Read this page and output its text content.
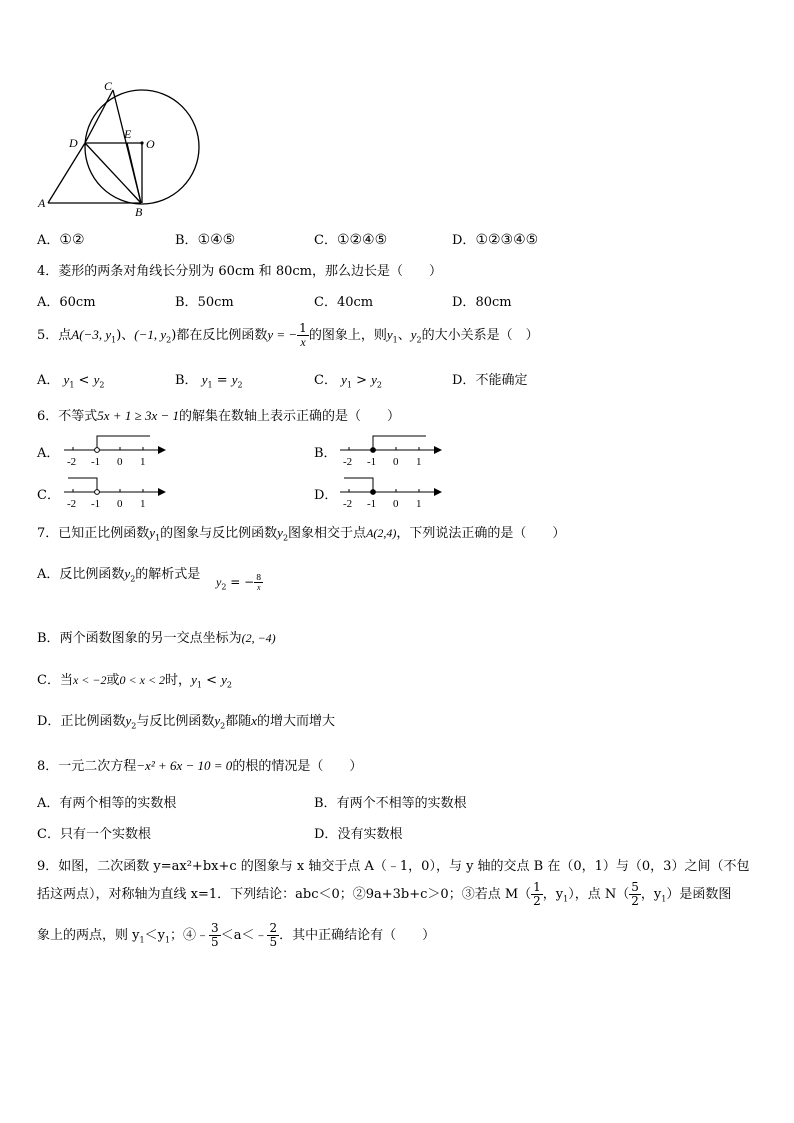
C
D
E
O
A
B
A．①②	B．①④⑤	C．①②④⑤	D．①②③④⑤
4．菱形的两条对角线长分别为 60cm 和 80cm，那么边长是（　　）
A．60cm	B．50cm	C．40cm	D．80cm
5．点A(−3, $y_1$)、(−1, $y_2$)都在反比例函数y = − $\frac{1}{x}$ 的图象上，则$y_1$、$y_2$的大小关系是（　）
A． $y_1 < y_2$	B． $y_1 = y_2$	C． $y_1 > y_2$	D．不能确定
6．不等式5x + 1 ≥ 3x − 1的解集在数轴上表示正确的是（　　）
A．
-2 -1 0 1
B．
-2 -1 0 1
C．
-2 -1 0 1
D．
-2 -1 0 1
7．已知正比例函数$y_1$的图象与反比例函数$y_2$图象相交于点A(2,4)，下列说法正确的是（　　）
A．反比例函数$y_2$的解析式是 $y_2$ = − $\frac{8}{x}$
B．两个函数图象的另一交点坐标为(2, −4)
C．当x < −2或0 < x < 2时，$y_1 < y_2$
D．正比例函数$y_2$与反比例函数$y_2$都随x的增大而增大
8．一元二次方程−x² + 6x − 10 = 0的根的情况是（　　）
A．有两个相等的实数根	B．有两个不相等的实数根
C．只有一个实数根	D．没有实数根
9．如图，二次函数 y=ax²+bx+c 的图象与 x 轴交于点 A（﹣1，0），与 y 轴的交点 B 在（0，1）与（0，3）之间（不包
括这两点），对称轴为直线 x=1．下列结论：abc＜0；②9a+3b+c＞0；③若点 $M( \frac{1}{2}$ ，$y_1$），点 $N( \frac{5}{2}$ ，$y_1$）是函数图
象上的两点，则 $y_1<y_1$；④﹣ $\frac{3}{5}$ ＜a＜﹣ $\frac{2}{5}$ ．其中正确结论有（　　）
